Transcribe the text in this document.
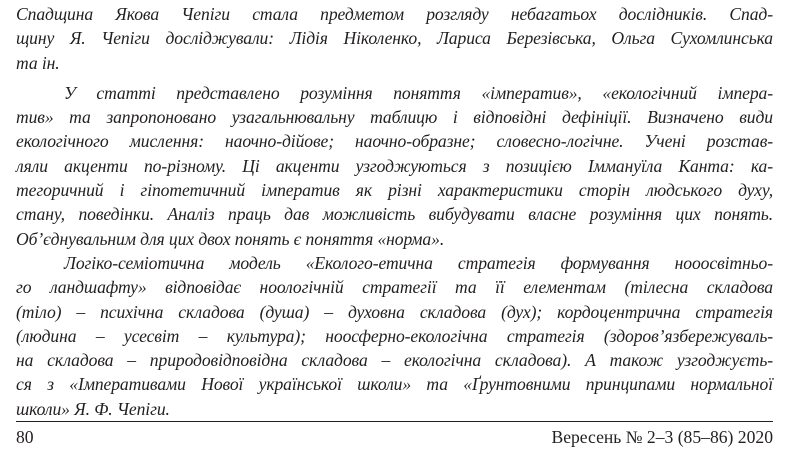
Спадщина Якова Чепіги стала предметом розгляду небагатьох дослідників. Спад-
щину Я. Чепіги досліджували: Лідія Ніколенко, Лариса Березівська, Ольга Сухомлинська
та ін.

У статті представлено розуміння поняття «імператив», «екологічний імпера-
тив» та запропоновано узагальнювальну таблицю і відповідні дефініції. Визначено види
екологічного мислення: наочно-дійове; наочно-образне; словесно-логічне. Учені розстав-
ляли акценти по-різному. Ці акценти узгоджуються з позицією Іммануїла Канта: ка-
тегоричний і гіпотетичний імператив як різні характеристики сторін людського духу,
стану, поведінки. Аналіз праць дав можливість вибудувати власне розуміння цих понять.
Об’єднувальним для цих двох понять є поняття «норма».

Логіко-семіотична модель «Еколого-етична стратегія формування нооосвітньо-
го ландшафту» відповідає ноологічній стратегії та її елементам (тілесна складова
(тіло) – психічна складова (душа) – духовна складова (дух); кордоцентрична стратегія
(людина – усесвіт – культура); ноосферно-екологічна стратегія (здоров’язбережуваль-
на складова – природовідповідна складова – екологічна складова). А також узгоджуєть-
ся з «Імперативами Нової української школи» та «Ґрунтовними принципами нормальної
школи» Я. Ф. Чепіги.

80	Вересень № 2–3 (85–86) 2020
